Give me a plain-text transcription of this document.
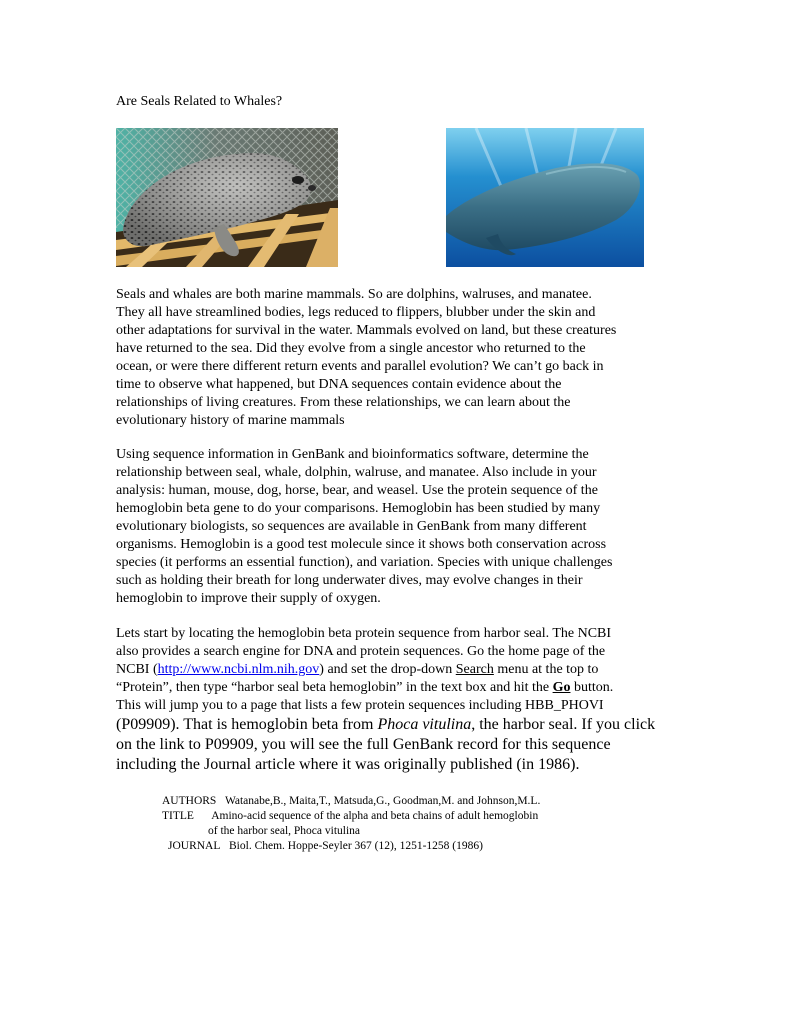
Are Seals Related to Whales?
Seals and whales are both marine mammals. So are dolphins, walruses, and manatee.
They all have streamlined bodies, legs reduced to flippers, blubber under the skin and
other adaptations for survival in the water. Mammals evolved on land, but these creatures
have returned to the sea. Did they evolve from a single ancestor who returned to the
ocean, or were there different return events and parallel evolution? We can’t go back in
time to observe what happened, but DNA sequences contain evidence about the
relationships of living creatures. From these relationships, we can learn about the
evolutionary history of marine mammals
Using sequence information in GenBank and bioinformatics software, determine the
relationship between seal, whale, dolphin, walruse, and manatee. Also include in your
analysis: human, mouse, dog, horse, bear, and weasel. Use the protein sequence of the
hemoglobin beta gene to do your comparisons. Hemoglobin has been studied by many
evolutionary biologists, so sequences are available in GenBank from many different
organisms. Hemoglobin is a good test molecule since it shows both conservation across
species (it performs an essential function), and variation. Species with unique challenges
such as holding their breath for long underwater dives, may evolve changes in their
hemoglobin to improve their supply of oxygen.
Lets start by locating the hemoglobin beta protein sequence from harbor seal. The NCBI
also provides a search engine for DNA and protein sequences. Go the home page of the
NCBI (http://www.ncbi.nlm.nih.gov) and set the drop-down Search menu at the top to
“Protein”, then type “harbor seal beta hemoglobin” in the text box and hit the Go button.
This will jump you to a page that lists a few protein sequences including HBB_PHOVI
(P09909). That is hemoglobin beta from Phoca vitulina, the harbor seal. If you click
on the link to P09909, you will see the full GenBank record for this sequence
including the Journal article where it was originally published (in 1986).
AUTHORS Watanabe,B., Maita,T., Matsuda,G., Goodman,M. and Johnson,M.L.
TITLE Amino-acid sequence of the alpha and beta chains of adult hemoglobin
of the harbor seal, Phoca vitulina
JOURNAL Biol. Chem. Hoppe-Seyler 367 (12), 1251-1258 (1986)
